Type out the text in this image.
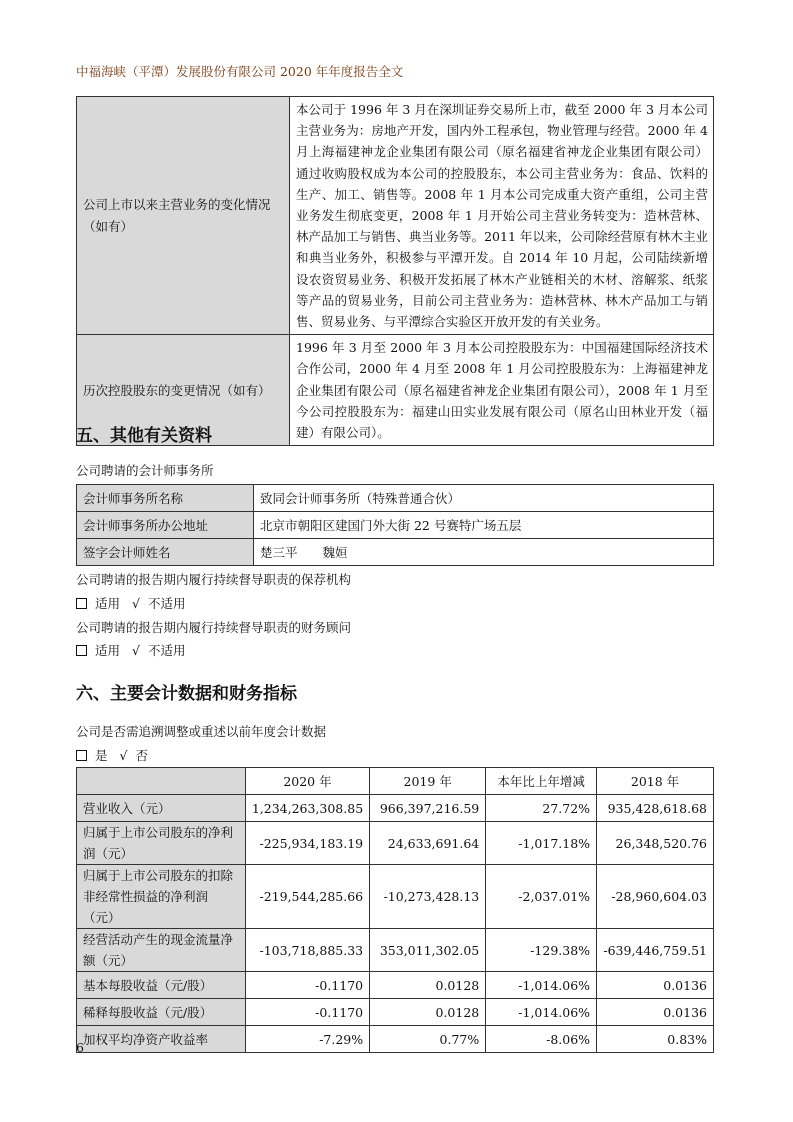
中福海峡（平潭）发展股份有限公司 2020 年年度报告全文
公司上市以来主营业务的变化情况（如有）	本公司于 1996 年 3 月在深圳证券交易所上市，截至 2000 年 3 月本公司主营业务为：房地产开发，国内外工程承包，物业管理与经营。2000 年 4 月上海福建神龙企业集团有限公司（原名福建省神龙企业集团有限公司）通过收购股权成为本公司的控股股东，本公司主营业务为：食品、饮料的生产、加工、销售等。2008 年 1 月本公司完成重大资产重组，公司主营业务发生彻底变更，2008 年 1 月开始公司主营业务转变为：造林营林、林产品加工与销售、典当业务等。2011 年以来，公司除经营原有林木主业和典当业务外，积极参与平潭开发。自 2014 年 10 月起，公司陆续新增设农资贸易业务、积极开发拓展了林木产业链相关的木材、溶解浆、纸浆等产品的贸易业务，目前公司主营业务为：造林营林、林木产品加工与销售、贸易业务、与平潭综合实验区开放开发的有关业务。
历次控股股东的变更情况（如有）	1996 年 3 月至 2000 年 3 月本公司控股股东为：中国福建国际经济技术合作公司，2000 年 4 月至 2008 年 1 月公司控股股东为：上海福建神龙企业集团有限公司（原名福建省神龙企业集团有限公司），2008 年 1 月至今公司控股股东为：福建山田实业发展有限公司（原名山田林业开发（福建）有限公司）。
五、其他有关资料
公司聘请的会计师事务所
会计师事务所名称	致同会计师事务所（特殊普通合伙）
会计师事务所办公地址	北京市朝阳区建国门外大街 22 号赛特广场五层
签字会计师姓名	楚三平　　魏姮
公司聘请的报告期内履行持续督导职责的保荐机构
适用 √ 不适用
公司聘请的报告期内履行持续督导职责的财务顾问
适用 √ 不适用
六、主要会计数据和财务指标
公司是否需追溯调整或重述以前年度会计数据
是 √ 否
	2020 年	2019 年	本年比上年增减	2018 年
营业收入（元）	1,234,263,308.85	966,397,216.59	27.72%	935,428,618.68
归属于上市公司股东的净利润（元）	-225,934,183.19	24,633,691.64	-1,017.18%	26,348,520.76
归属于上市公司股东的扣除非经常性损益的净利润（元）	-219,544,285.66	-10,273,428.13	-2,037.01%	-28,960,604.03
经营活动产生的现金流量净额（元）	-103,718,885.33	353,011,302.05	-129.38%	-639,446,759.51
基本每股收益（元/股）	-0.1170	0.0128	-1,014.06%	0.0136
稀释每股收益（元/股）	-0.1170	0.0128	-1,014.06%	0.0136
加权平均净资产收益率	-7.29%	0.77%	-8.06%	0.83%
6
